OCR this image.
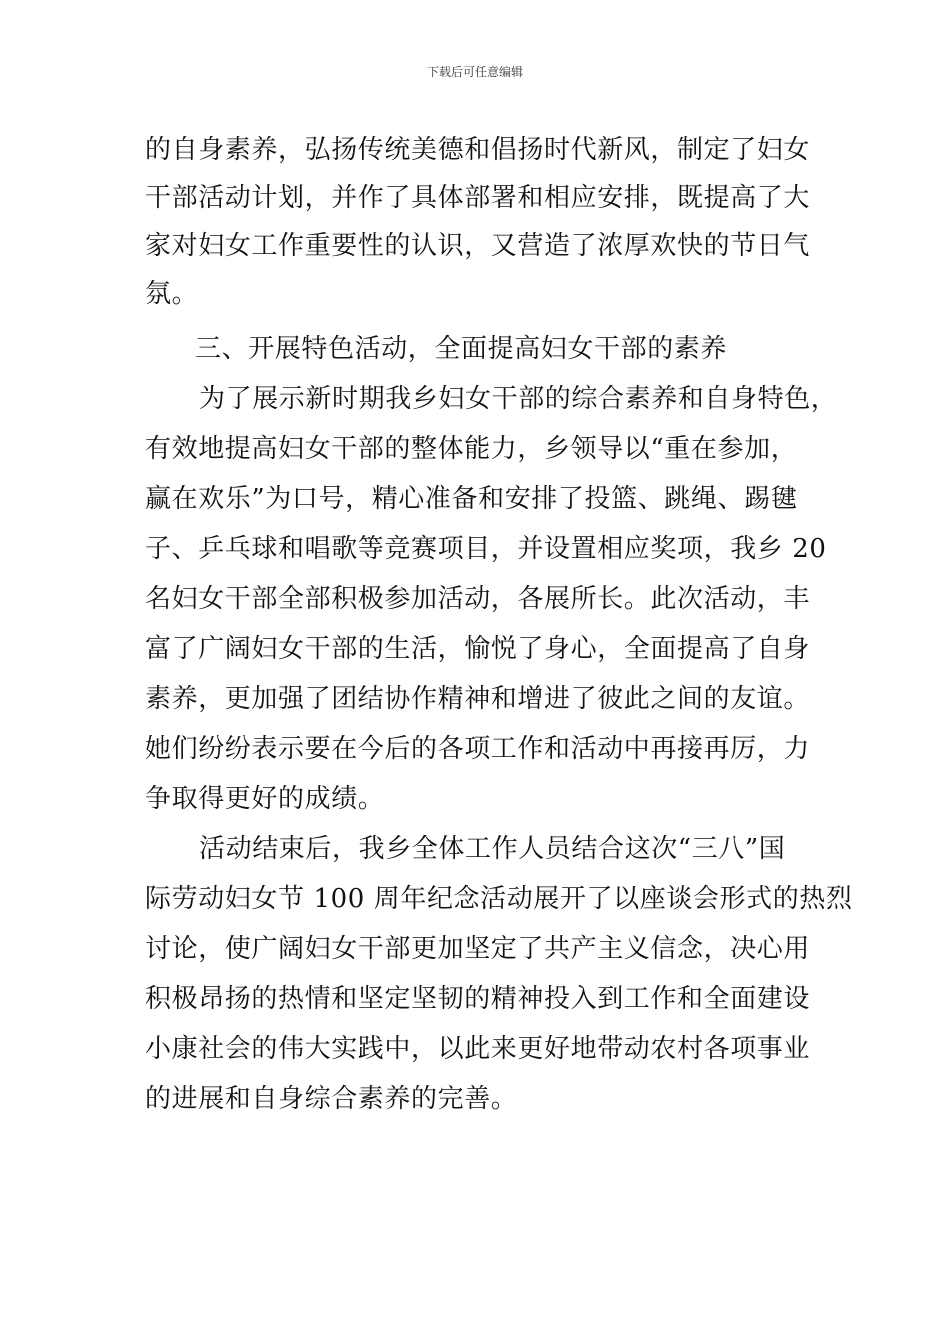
下载后可任意编辑
的自身素养，弘扬传统美德和倡扬时代新风，制定了妇女
干部活动计划，并作了具体部署和相应安排，既提高了大
家对妇女工作重要性的认识，又营造了浓厚欢快的节日气
氛。
三、开展特色活动，全面提高妇女干部的素养
为了展示新时期我乡妇女干部的综合素养和自身特色，
有效地提高妇女干部的整体能力，乡领导以“重在参加，
赢在欢乐”为口号，精心准备和安排了投篮、跳绳、踢毽
子、乒乓球和唱歌等竞赛项目，并设置相应奖项，我乡 20
名妇女干部全部积极参加活动，各展所长。此次活动，丰
富了广阔妇女干部的生活，愉悦了身心，全面提高了自身
素养，更加强了团结协作精神和增进了彼此之间的友谊。
她们纷纷表示要在今后的各项工作和活动中再接再厉，力
争取得更好的成绩。
活动结束后，我乡全体工作人员结合这次“三八”国
际劳动妇女节 100 周年纪念活动展开了以座谈会形式的热烈
讨论，使广阔妇女干部更加坚定了共产主义信念，决心用
积极昂扬的热情和坚定坚韧的精神投入到工作和全面建设
小康社会的伟大实践中，以此来更好地带动农村各项事业
的进展和自身综合素养的完善。
